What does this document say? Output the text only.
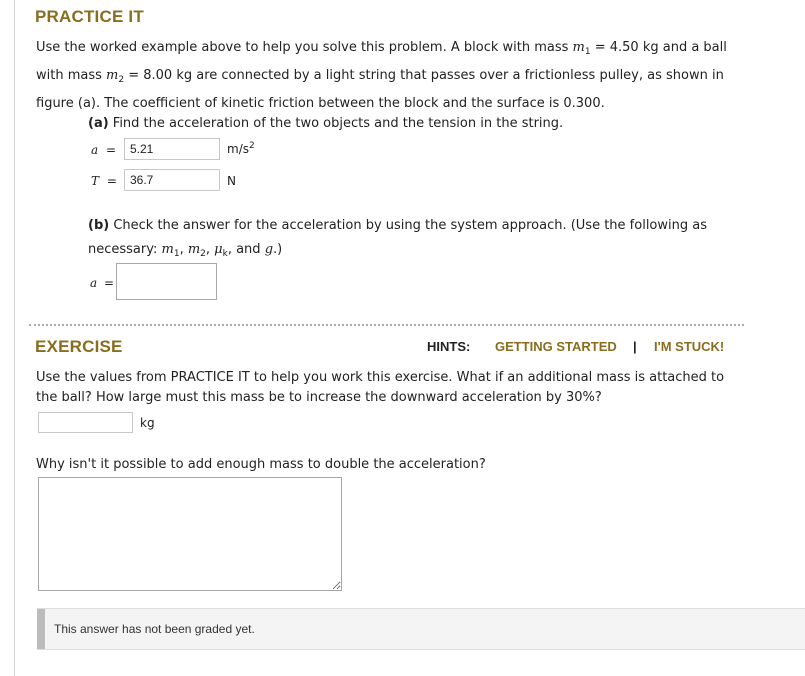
PRACTICE IT
Use the worked example above to help you solve this problem. A block with mass $m_1 = 4.50$ kg and a ball
with mass $m_2 = 8.00$ kg are connected by a light string that passes over a frictionless pulley, as shown in
figure (a). The coefficient of kinetic friction between the block and the surface is 0.300.
(a) Find the acceleration of the two objects and the tension in the string.
a =
5.21	$m/s^2$
T =
36.7	N
(b) Check the answer for the acceleration by using the system approach. (Use the following as
necessary: $m_1$, $m_2$, $\mu_k$, and g.)
a =
EXERCISE	HINTS: GETTING STARTED | I'M STUCK!
Use the values from PRACTICE IT to help you work this exercise. What if an additional mass is attached to
the ball? How large must this mass be to increase the downward acceleration by 30%?
kg
Why isn't it possible to add enough mass to double the acceleration?
This answer has not been graded yet.
